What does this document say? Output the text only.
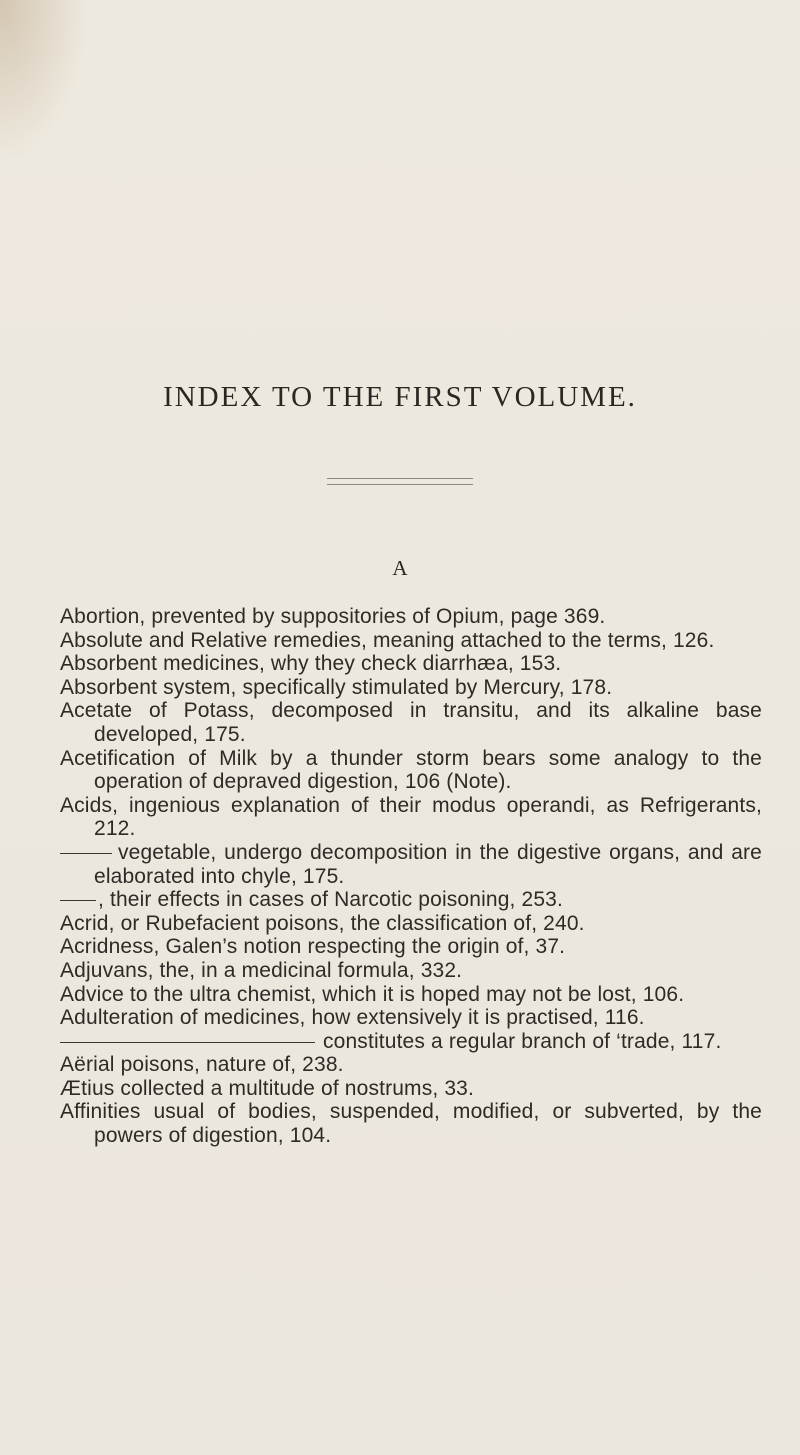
INDEX TO THE FIRST VOLUME.
A
Abortion, prevented by suppositories of Opium, page 369.
Absolute and Relative remedies, meaning attached to the terms, 126.
Absorbent medicines, why they check diarrhæa, 153.
Absorbent system, specifically stimulated by Mercury, 178.
Acetate of Potass, decomposed in transitu, and its alkaline base developed, 175.
Acetification of Milk by a thunder storm bears some analogy to the operation of depraved digestion, 106 (Note).
Acids, ingenious explanation of their modus operandi, as Refrigerants, 212.
vegetable, undergo decomposition in the digestive organs, and are elaborated into chyle, 175.
, their effects in cases of Narcotic poisoning, 253.
Acrid, or Rubefacient poisons, the classification of, 240.
Acridness, Galen’s notion respecting the origin of, 37.
Adjuvans, the, in a medicinal formula, 332.
Advice to the ultra chemist, which it is hoped may not be lost, 106.
Adulteration of medicines, how extensively it is practised, 116.
constitutes a regular branch of ‘trade, 117.
Aërial poisons, nature of, 238.
Ætius collected a multitude of nostrums, 33.
Affinities usual of bodies, suspended, modified, or subverted, by the powers of digestion, 104.
